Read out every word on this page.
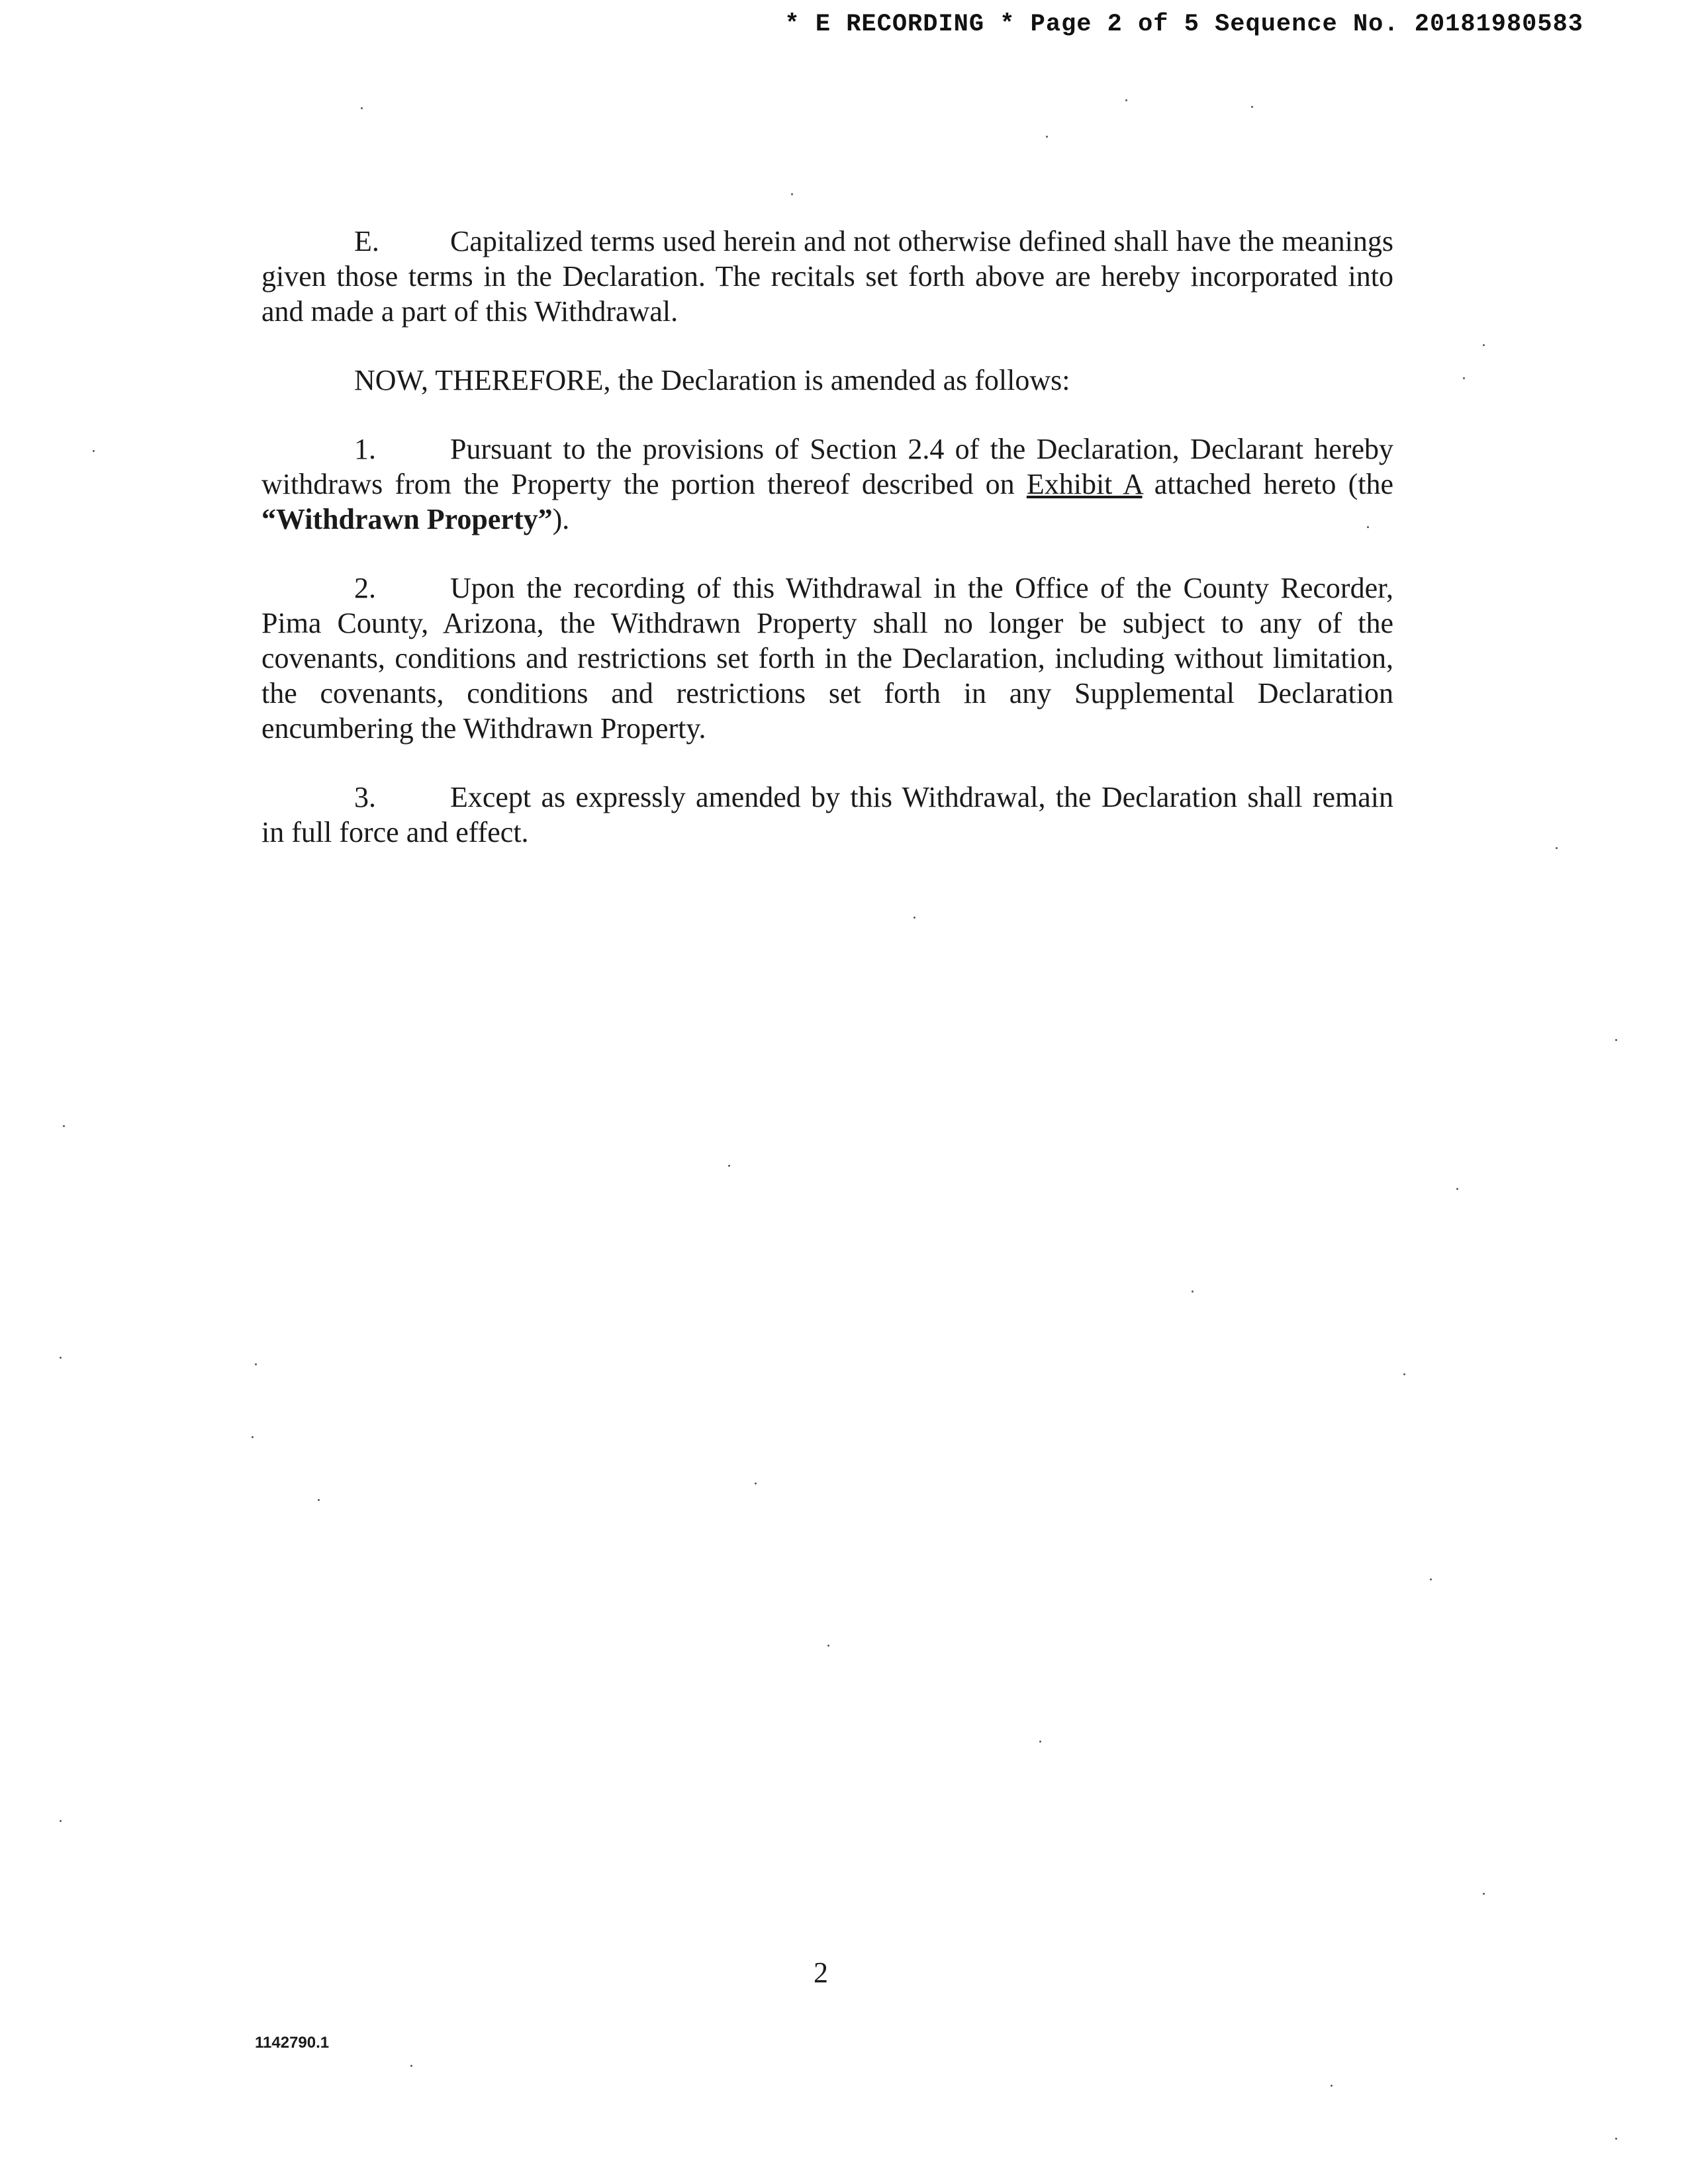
* E RECORDING * Page 2 of 5 Sequence No. 20181980583

E. Capitalized terms used herein and not otherwise defined shall have the meanings given those terms in the Declaration. The recitals set forth above are hereby incorporated into and made a part of this Withdrawal.

NOW, THEREFORE, the Declaration is amended as follows:

1.	Pursuant to the provisions of Section 2.4 of the Declaration, Declarant hereby withdraws from the Property the portion thereof described on Exhibit A attached hereto (the “Withdrawn Property”).

2.	Upon the recording of this Withdrawal in the Office of the County Recorder, Pima County, Arizona, the Withdrawn Property shall no longer be subject to any of the covenants, conditions and restrictions set forth in the Declaration, including without limitation, the covenants, conditions and restrictions set forth in any Supplemental Declaration encumbering the Withdrawn Property.

3.	Except as expressly amended by this Withdrawal, the Declaration shall remain in full force and effect.

2
1142790.1
